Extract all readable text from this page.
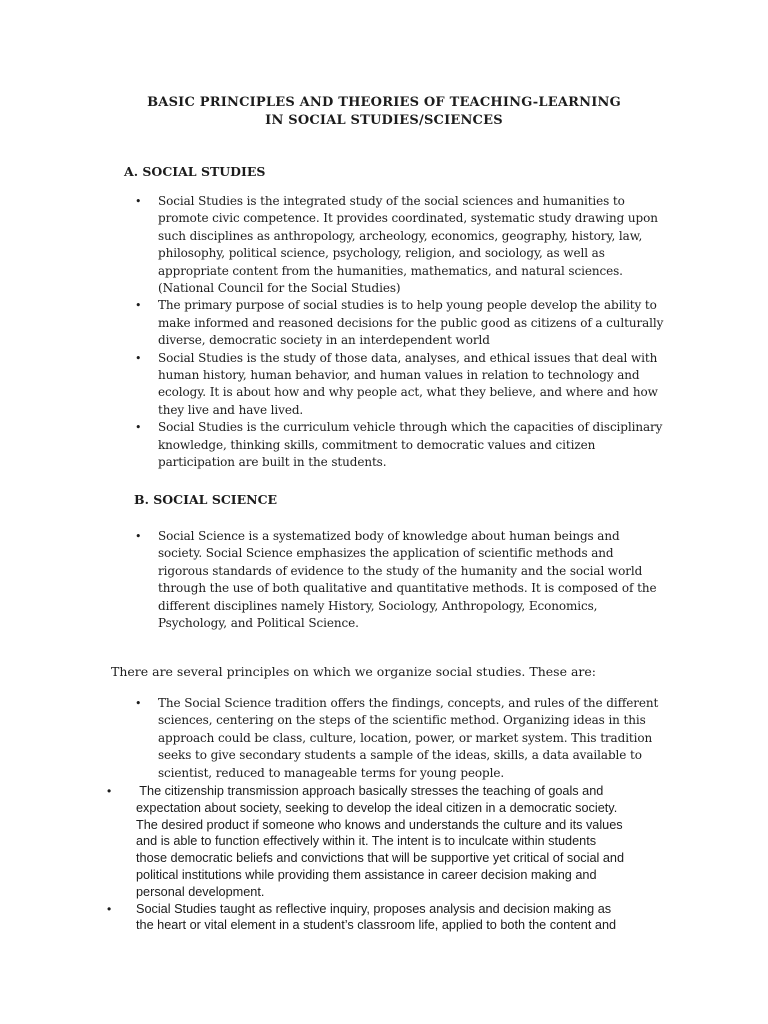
BASIC PRINCIPLES AND THEORIES OF TEACHING-LEARNING
IN SOCIAL STUDIES/SCIENCES
A. SOCIAL STUDIES
• Social Studies is the integrated study of the social sciences and humanities to
promote civic competence. It provides coordinated, systematic study drawing upon
such disciplines as anthropology, archeology, economics, geography, history, law,
philosophy, political science, psychology, religion, and sociology, as well as
appropriate content from the humanities, mathematics, and natural sciences.
(National Council for the Social Studies)
• The primary purpose of social studies is to help young people develop the ability to
make informed and reasoned decisions for the public good as citizens of a culturally
diverse, democratic society in an interdependent world
• Social Studies is the study of those data, analyses, and ethical issues that deal with
human history, human behavior, and human values in relation to technology and
ecology. It is about how and why people act, what they believe, and where and how
they live and have lived.
• Social Studies is the curriculum vehicle through which the capacities of disciplinary
knowledge, thinking skills, commitment to democratic values and citizen
participation are built in the students.
B. SOCIAL SCIENCE
• Social Science is a systematized body of knowledge about human beings and
society. Social Science emphasizes the application of scientific methods and
rigorous standards of evidence to the study of the humanity and the social world
through the use of both qualitative and quantitative methods. It is composed of the
different disciplines namely History, Sociology, Anthropology, Economics,
Psychology, and Political Science.

There are several principles on which we organize social studies. These are:

• The Social Science tradition offers the findings, concepts, and rules of the different
sciences, centering on the steps of the scientific method. Organizing ideas in this
approach could be class, culture, location, power, or market system. This tradition
seeks to give secondary students a sample of the ideas, skills, a data available to
scientist, reduced to manageable terms for young people.
• The citizenship transmission approach basically stresses the teaching of goals and
expectation about society, seeking to develop the ideal citizen in a democratic society.
The desired product if someone who knows and understands the culture and its values
and is able to function effectively within it. The intent is to inculcate within students
those democratic beliefs and convictions that will be supportive yet critical of social and
political institutions while providing them assistance in career decision making and
personal development.
• Social Studies taught as reflective inquiry, proposes analysis and decision making as
the heart or vital element in a student’s classroom life, applied to both the content and
